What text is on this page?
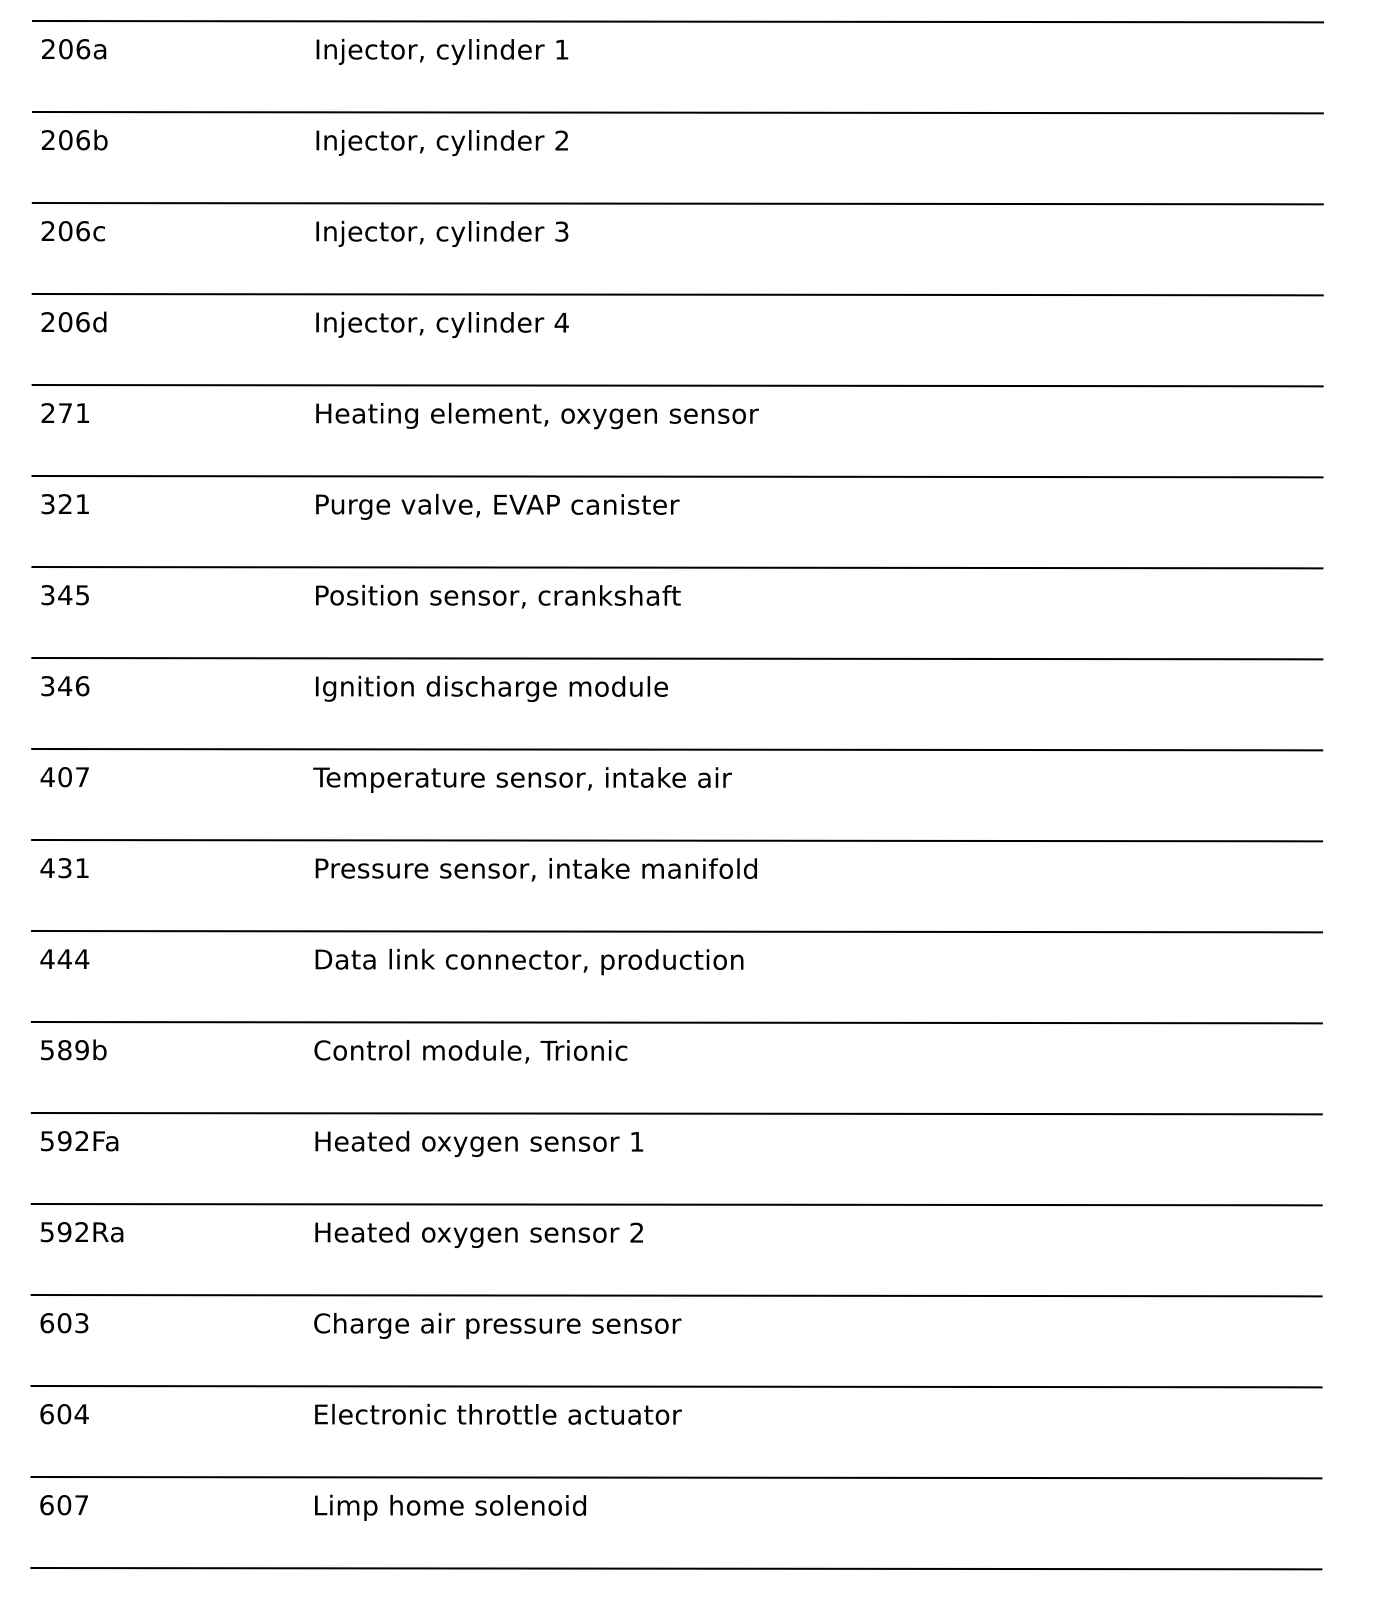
206a	Injector, cylinder 1
206b	Injector, cylinder 2
206c	Injector, cylinder 3
206d	Injector, cylinder 4
271	Heating element, oxygen sensor
321	Purge valve, EVAP canister
345	Position sensor, crankshaft
346	Ignition discharge module
407	Temperature sensor, intake air
431	Pressure sensor, intake manifold
444	Data link connector, production
589b	Control module, Trionic
592Fa	Heated oxygen sensor 1
592Ra	Heated oxygen sensor 2
603	Charge air pressure sensor
604	Electronic throttle actuator
607	Limp home solenoid
